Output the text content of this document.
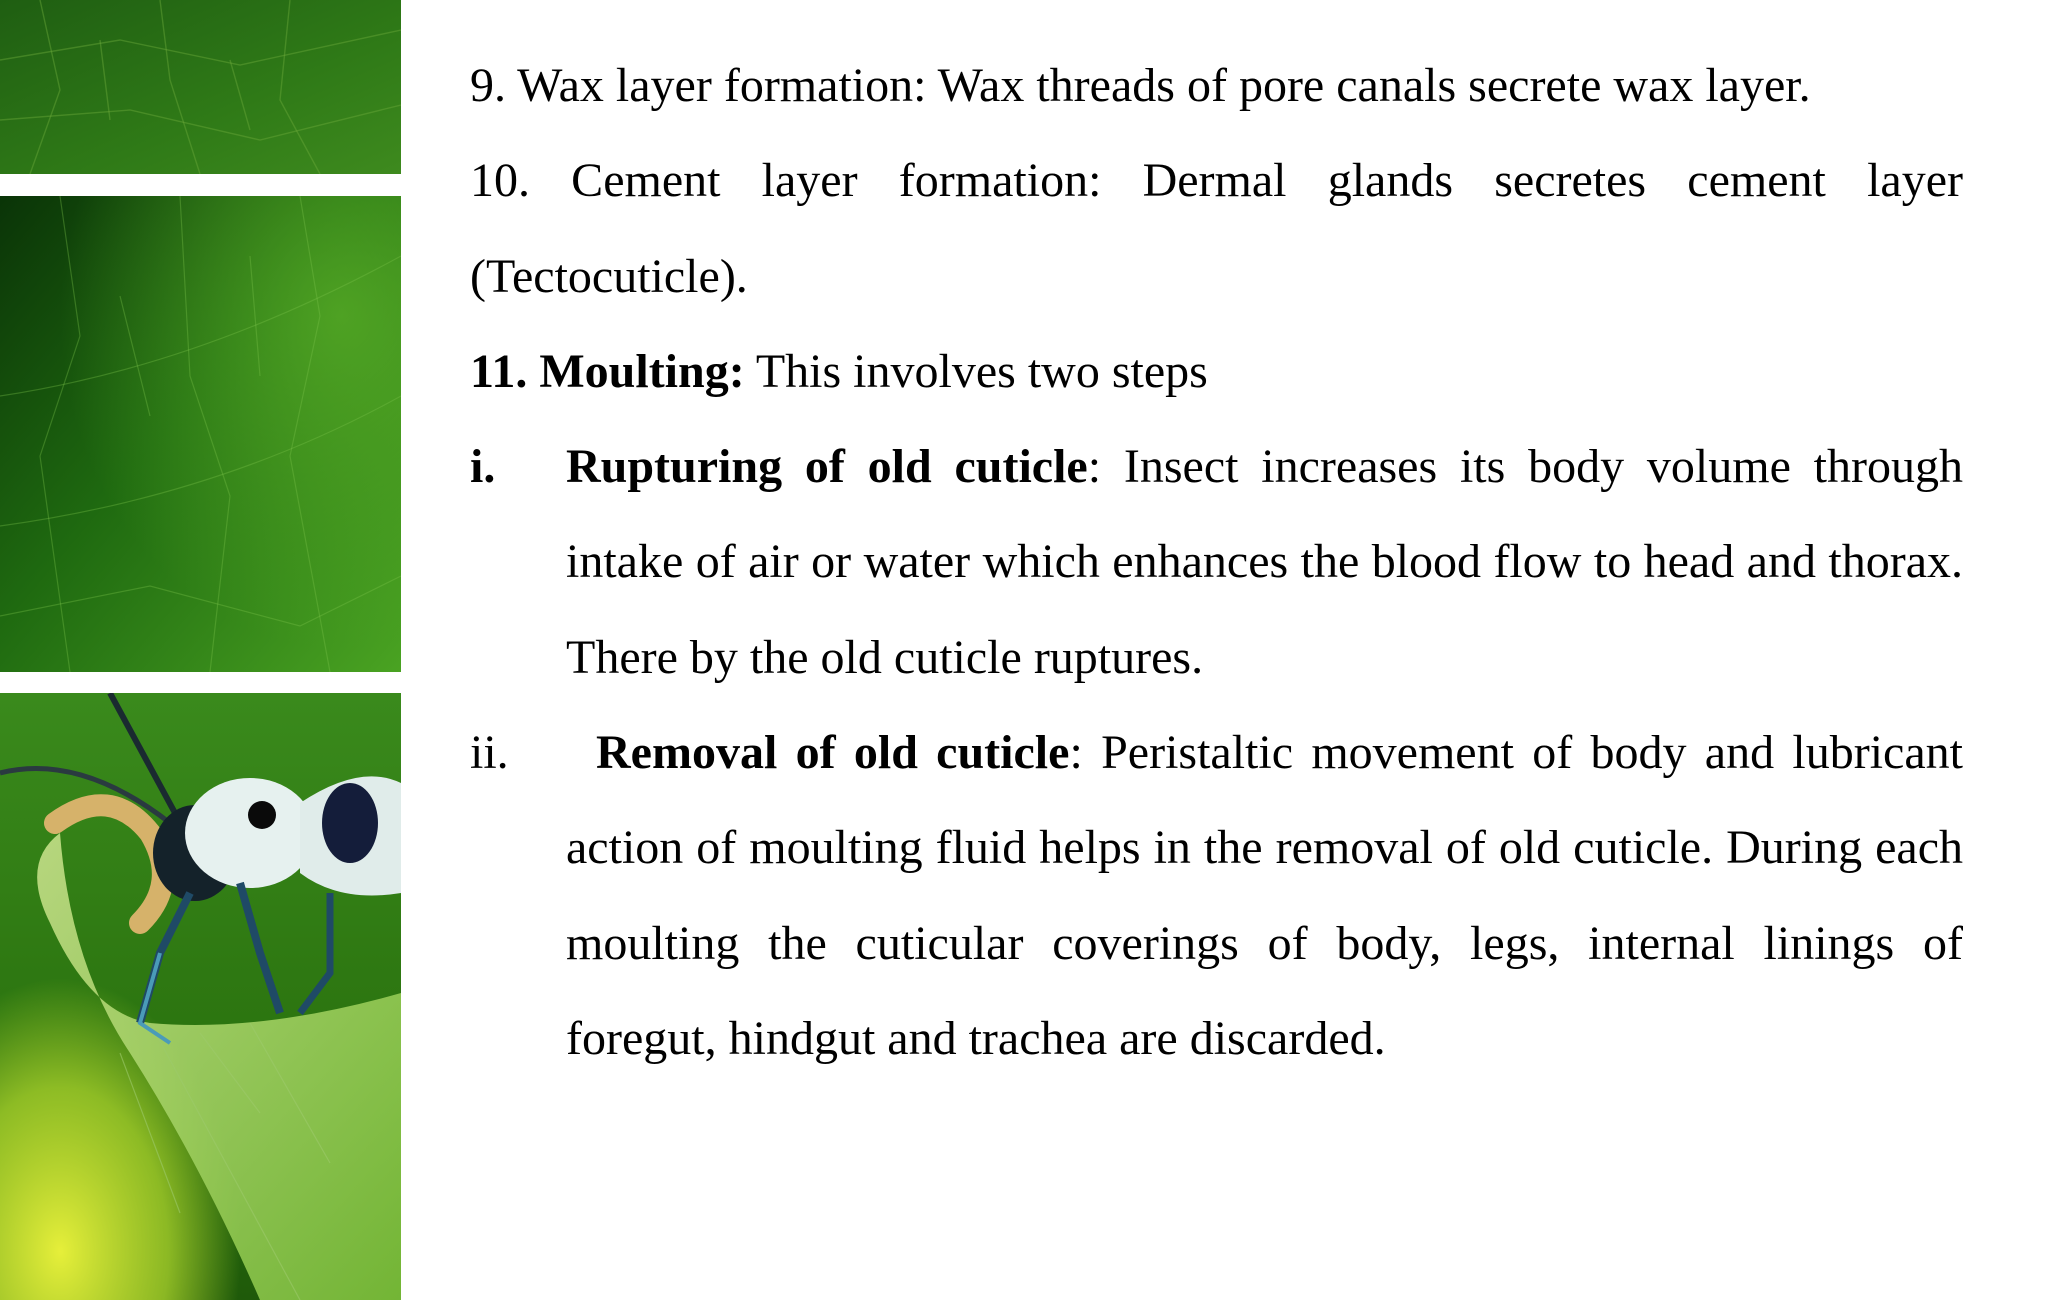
9. Wax layer formation: Wax threads of pore canals secrete wax layer.

10. Cement layer formation: Dermal glands secretes cement layer (Tectocuticle).

11. Moulting: This involves two steps

i. Rupturing of old cuticle: Insect increases its body volume through intake of air or water which enhances the blood flow to head and thorax. There by the old cuticle ruptures.
ii. Removal of old cuticle: Peristaltic movement of body and lubricant action of moulting fluid helps in the removal of old cuticle. During each moulting the cuticular coverings of body, legs, internal linings of foregut, hindgut and trachea are discarded.
